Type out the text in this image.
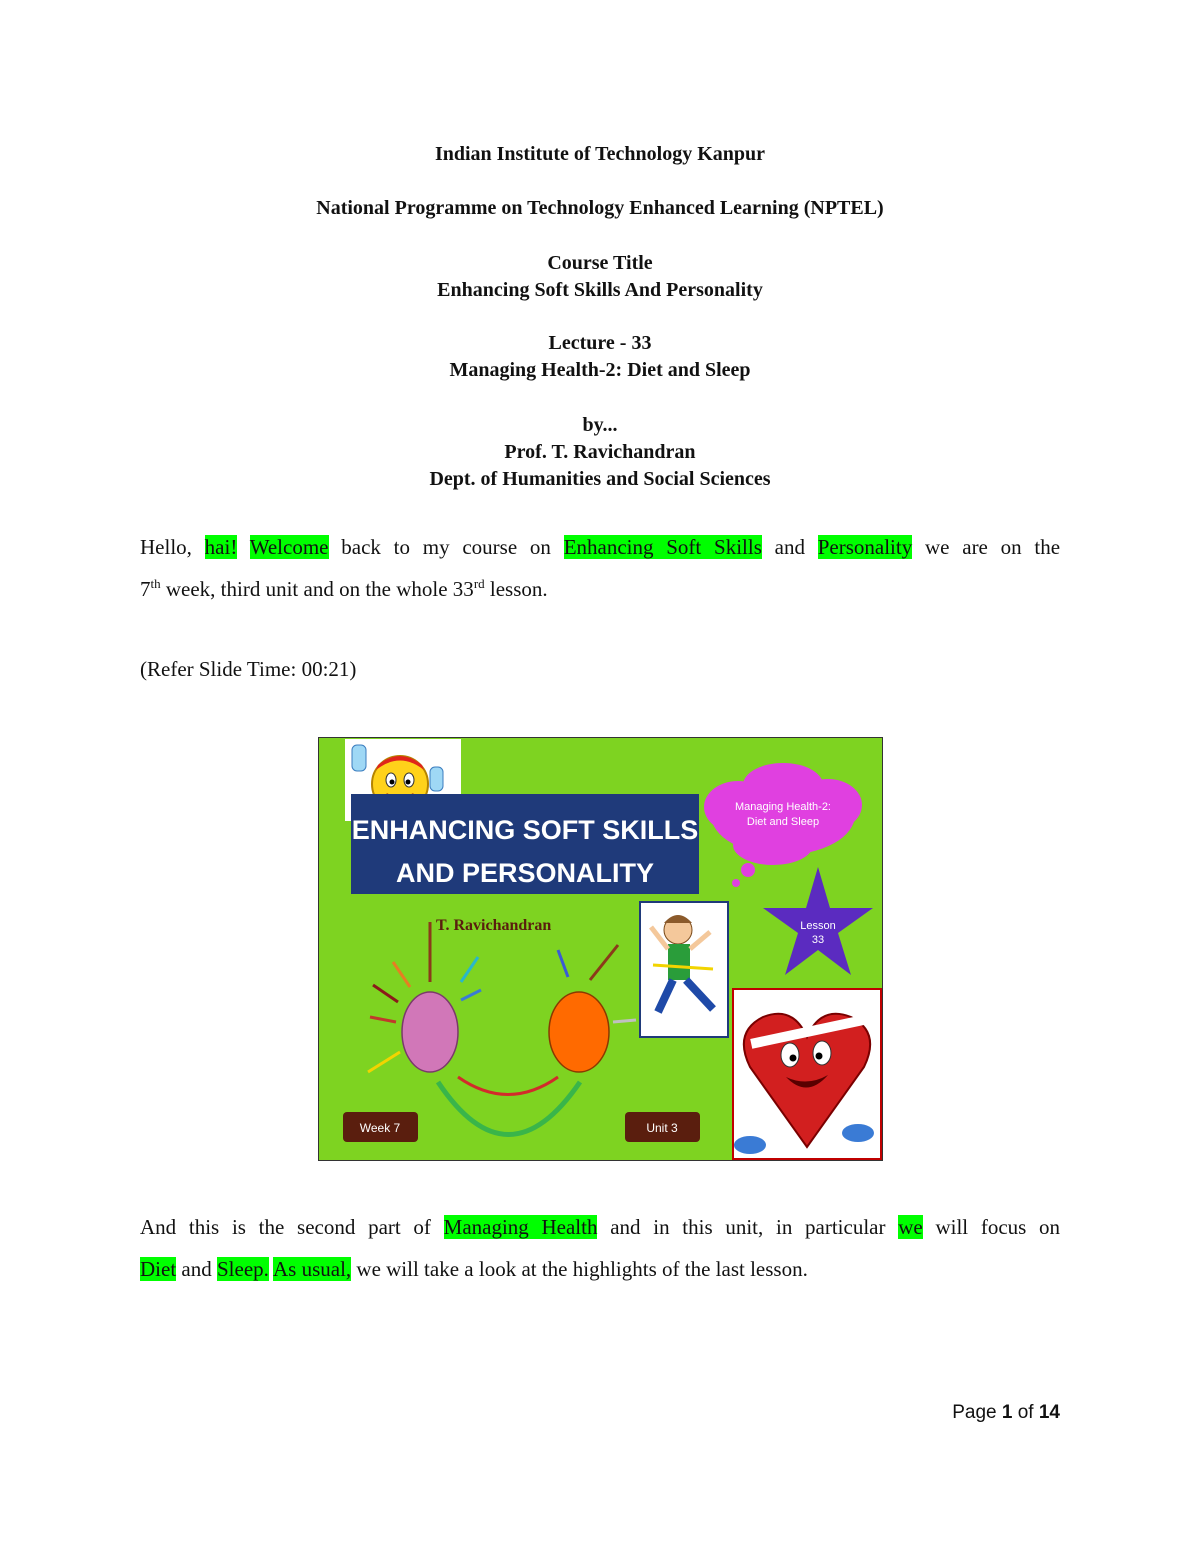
Indian Institute of Technology Kanpur
National Programme on Technology Enhanced Learning (NPTEL)
Course Title
Enhancing Soft Skills And Personality
Lecture - 33
Managing Health-2: Diet and Sleep
by...
Prof. T. Ravichandran
Dept. of Humanities and Social Sciences
Hello, hai! Welcome back to my course on Enhancing Soft Skills and Personality we are on the
7th week, third unit and on the whole 33rd lesson.
(Refer Slide Time: 00:21)
ENHANCING SOFT SKILLS
AND PERSONALITY
Managing Health-2:
Diet and Sleep
T. Ravichandran	Lesson
33
Week 7	Unit 3
And this is the second part of Managing Health and in this unit, in particular we will focus on
Diet and Sleep. As usual, we will take a look at the highlights of the last lesson.
Page 1 of 14
